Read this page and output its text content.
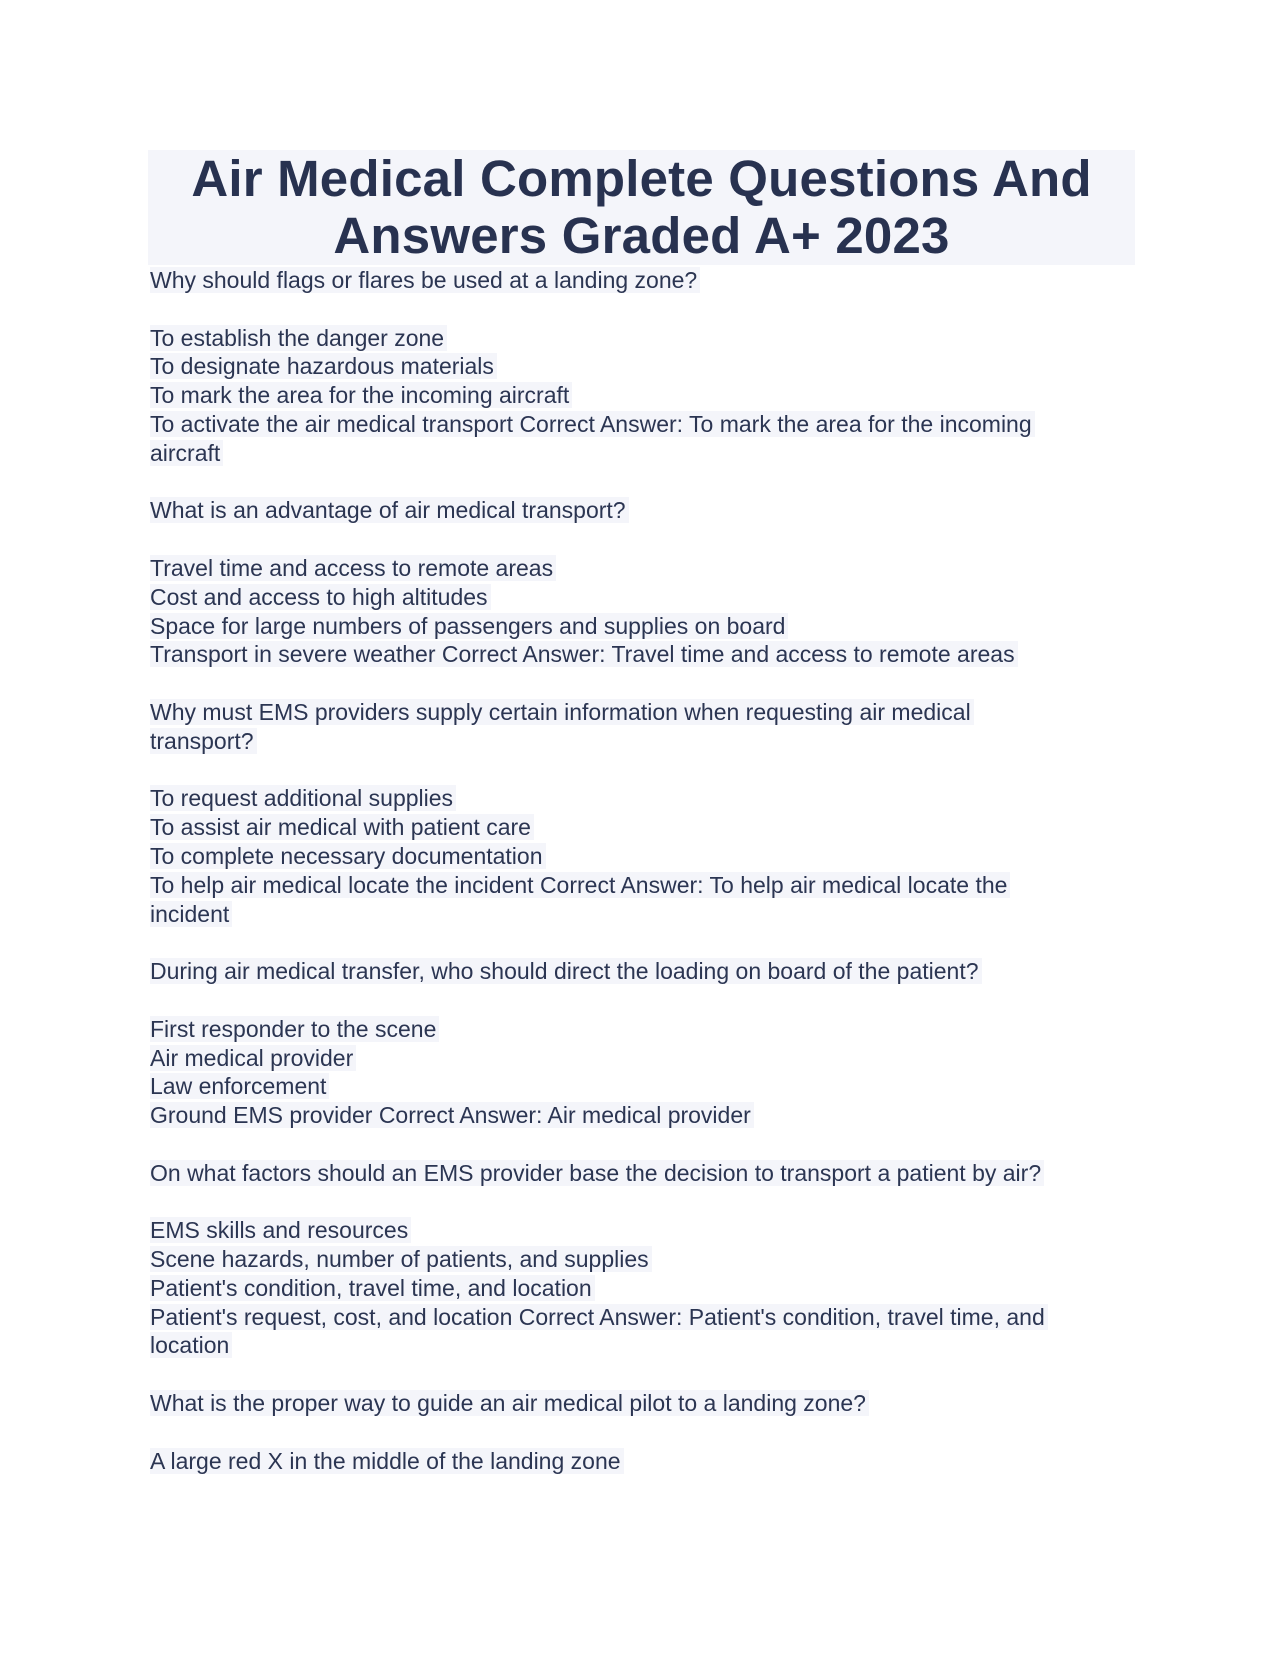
Air Medical Complete Questions And
Answers Graded A+ 2023
Why should flags or flares be used at a landing zone?
To establish the danger zone
To designate hazardous materials
To mark the area for the incoming aircraft
To activate the air medical transport Correct Answer: To mark the area for the incoming
aircraft
What is an advantage of air medical transport?
Travel time and access to remote areas
Cost and access to high altitudes
Space for large numbers of passengers and supplies on board
Transport in severe weather Correct Answer: Travel time and access to remote areas
Why must EMS providers supply certain information when requesting air medical
transport?
To request additional supplies
To assist air medical with patient care
To complete necessary documentation
To help air medical locate the incident Correct Answer: To help air medical locate the
incident
During air medical transfer, who should direct the loading on board of the patient?
First responder to the scene
Air medical provider
Law enforcement
Ground EMS provider Correct Answer: Air medical provider
On what factors should an EMS provider base the decision to transport a patient by air?
EMS skills and resources
Scene hazards, number of patients, and supplies
Patient's condition, travel time, and location
Patient's request, cost, and location Correct Answer: Patient's condition, travel time, and
location
What is the proper way to guide an air medical pilot to a landing zone?
A large red X in the middle of the landing zone
